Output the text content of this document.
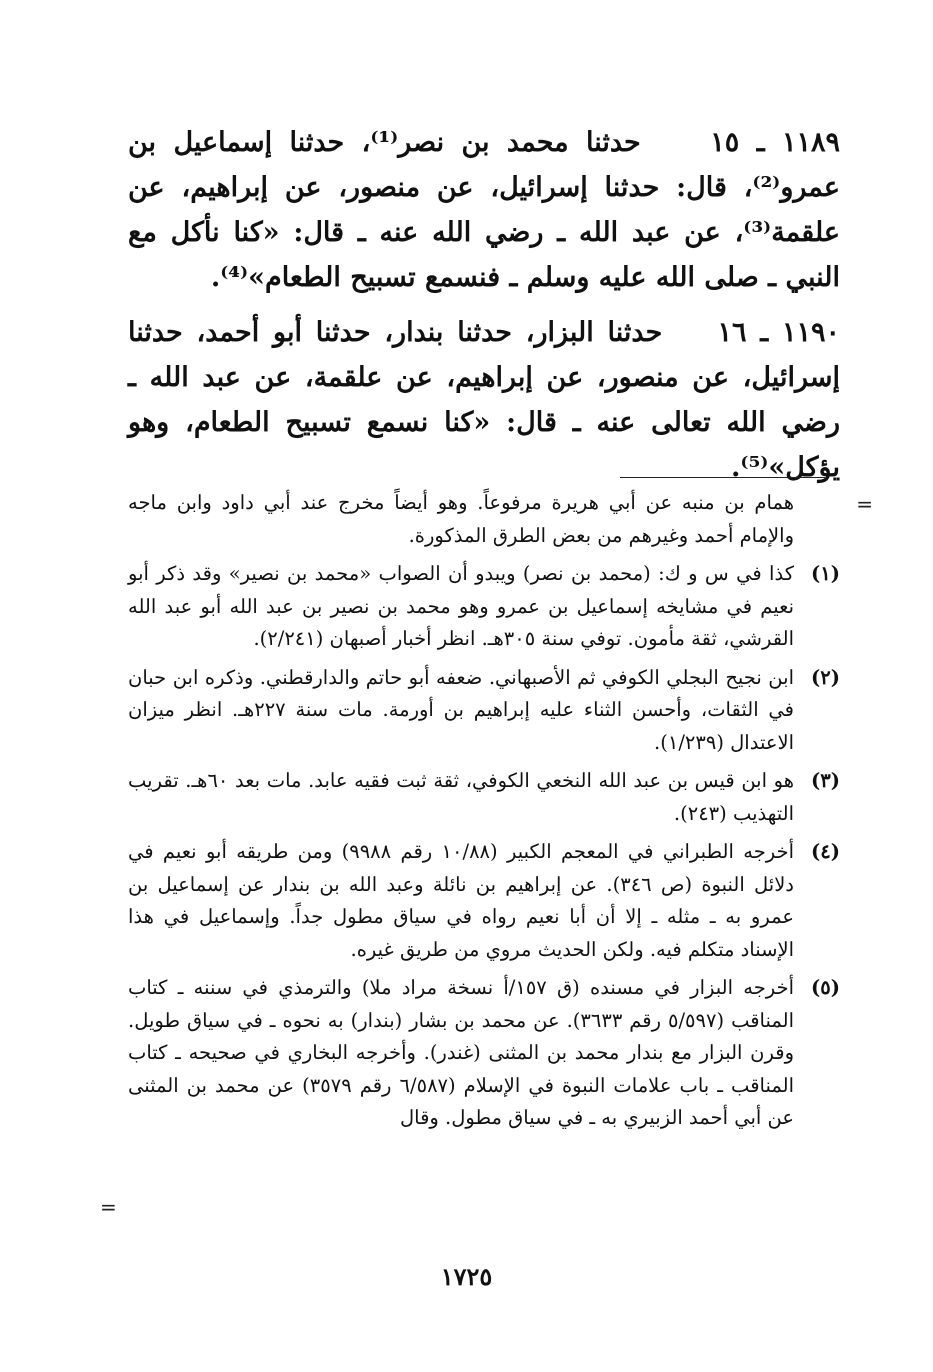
١١٨٩ ـ ١٥    حدثنا محمد بن نصر⁽¹⁾، حدثنا إسماعيل بن عمرو⁽²⁾، قال: حدثنا إسرائيل، عن منصور، عن إبراهيم، عن علقمة⁽³⁾، عن عبد الله ـ رضي الله عنه ـ قال: «كنا نأكل مع النبي ـ صلى الله عليه وسلم ـ فنسمع تسبيح الطعام»⁽⁴⁾.

١١٩٠ ـ ١٦    حدثنا البزار، حدثنا بندار، حدثنا أبو أحمد، حدثنا إسرائيل، عن منصور، عن إبراهيم، عن علقمة، عن عبد الله ـ رضي الله تعالى عنه ـ قال: «كنا نسمع تسبيح الطعام، وهو يؤكل»⁽⁵⁾.

=
همام بن منبه عن أبي هريرة مرفوعاً. وهو أيضاً مخرج عند أبي داود وابن ماجه والإمام أحمد وغيرهم من بعض الطرق المذكورة.
(١)
كذا في س و ك: (محمد بن نصر) ويبدو أن الصواب «محمد بن نصير» وقد ذكر أبو نعيم في مشايخه إسماعيل بن عمرو وهو محمد بن نصير بن عبد الله أبو عبد الله القرشي، ثقة مأمون. توفي سنة ٣٠٥هـ. انظر أخبار أصبهان (٢/٢٤١).
(٢)
ابن نجيح البجلي الكوفي ثم الأصبهاني. ضعفه أبو حاتم والدارقطني. وذكره ابن حبان في الثقات، وأحسن الثناء عليه إبراهيم بن أورمة. مات سنة ٢٢٧هـ. انظر ميزان الاعتدال (١/٢٣٩).
(٣)
هو ابن قيس بن عبد الله النخعي الكوفي، ثقة ثبت فقيه عابد. مات بعد ٦٠هـ. تقريب التهذيب (٢٤٣).
(٤)
أخرجه الطبراني في المعجم الكبير (١٠/٨٨ رقم ٩٩٨٨) ومن طريقه أبو نعيم في دلائل النبوة (ص ٣٤٦). عن إبراهيم بن نائلة وعبد الله بن بندار عن إسماعيل بن عمرو به ـ مثله ـ إلا أن أبا نعيم رواه في سياق مطول جداً. وإسماعيل في هذا الإسناد متكلم فيه. ولكن الحديث مروي من طريق غيره.
(٥)
أخرجه البزار في مسنده (ق ١٥٧/أ نسخة مراد ملا) والترمذي في سننه ـ كتاب المناقب (٥/٥٩٧ رقم ٣٦٣٣). عن محمد بن بشار (بندار) به نحوه ـ في سياق طويل. وقرن البزار مع بندار محمد بن المثنى (غندر). وأخرجه البخاري في صحيحه ـ كتاب المناقب ـ باب علامات النبوة في الإسلام (٦/٥٨٧ رقم ٣٥٧٩) عن محمد بن المثنى عن أبي أحمد الزبيري به ـ في سياق مطول. وقال
=
١٧٢٥
